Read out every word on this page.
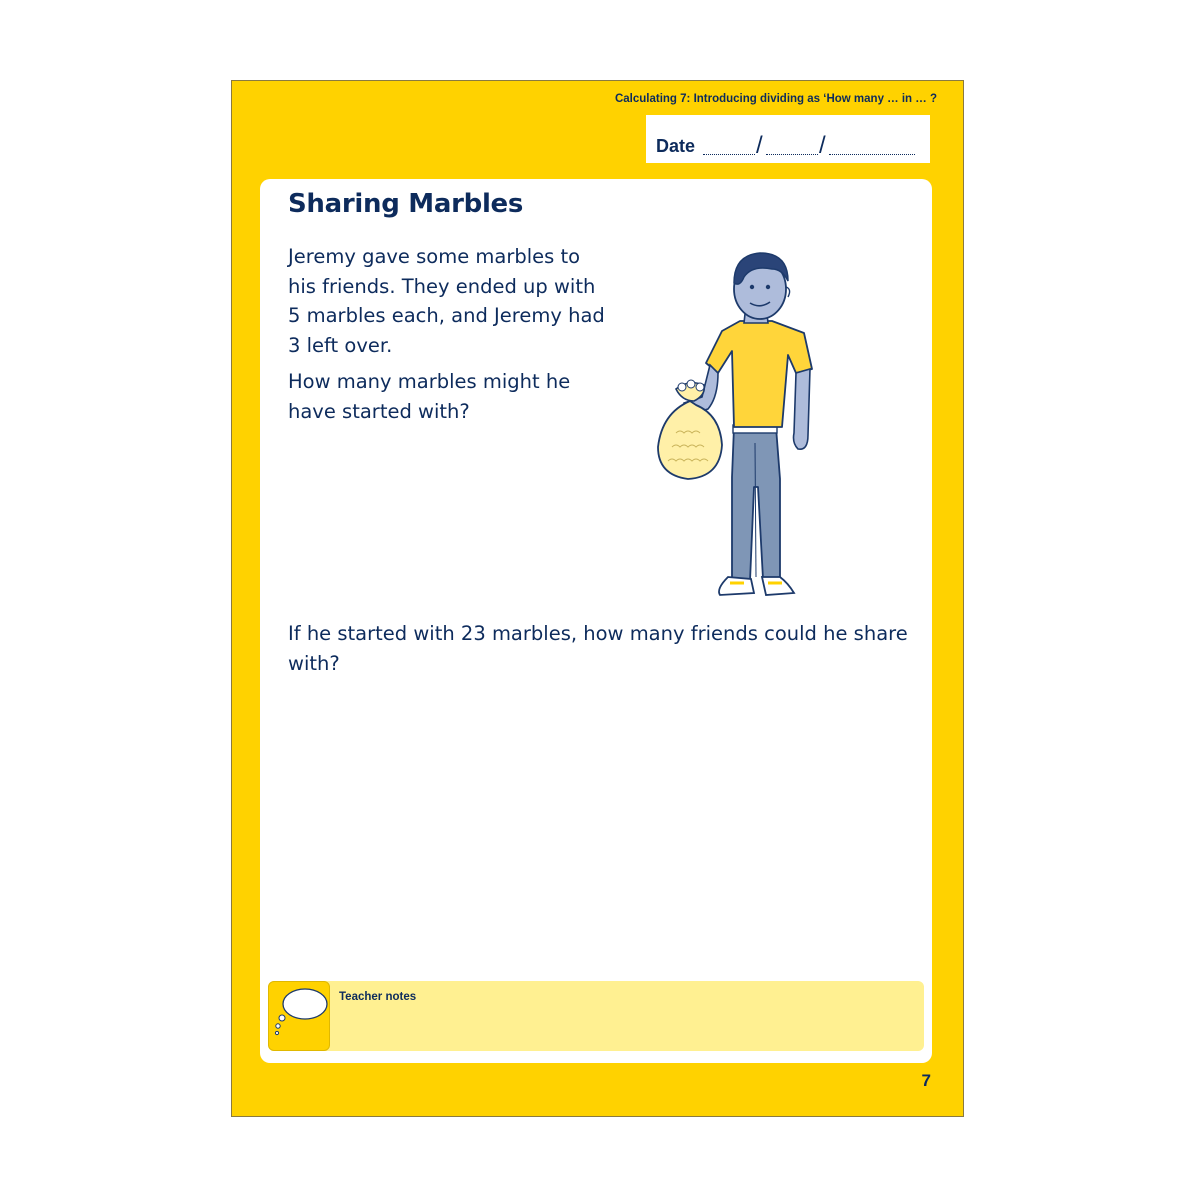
Calculating 7: Introducing dividing as ‘How many … in … ?
Date	/ /
Sharing Marbles

Jeremy gave some marbles to his friends. They ended up with 5 marbles each, and Jeremy had 3 left over.

How many marbles might he have started with?

If he started with 23 marbles, how many friends could he share with?

Teacher notes
7
